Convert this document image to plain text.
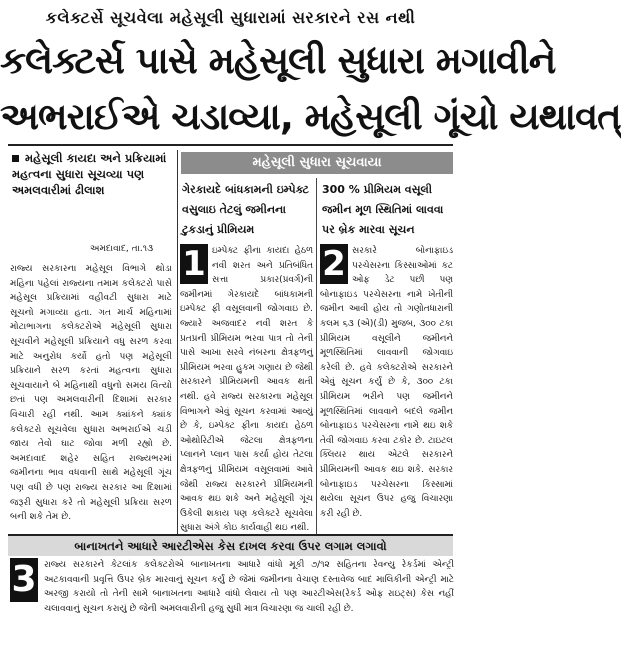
કલેક્ટર્સે સૂચવેલા મહેસૂલી સુધારામાં સરકારને રસ નથી
કલેક્ટર્સ પાસે મહેસૂલી સુધારા મગાવીને
અભરાઈએ ચડાવ્યા, મહેસૂલી ગૂંચો યથાવત્
મહેસૂલી કાયદા અને પ્રક્રિયામાં મહત્વના સુધારા સૂચવ્યા પણ અમલવારીમાં ઢીલાશ
અમદાવાદ, તા.૧૩
રાજ્ય સરકારના મહેસૂલ વિભાગે થોડા મહિના પહેલાં રાજ્યના તમામ કલેક્ટરો પાસે મહેસૂલ પ્રક્રિયામાં વહીવટી સુધારા માટે સૂચનો મગાવ્યા હતા. ગત માર્ચ મહિનામાં મોટાભાગના કલેક્ટરોએ મહેસૂલી સુધારા સૂચવીને મહેસૂલી પ્રક્રિયાને વધુ સરળ કરવા માટે અનુરોધ કર્યો હતો પણ મહેસૂલી પ્રક્રિયાને સરળ કરતાં મહત્વના સુધારા સૂચવાયાને બે મહિનાથી વધુનો સમય વિત્યો છતાં પણ અમલવારીની દિશામાં સરકાર વિચારી રહી નથી. આમ ક્યાંકને ક્યાંક કલેક્ટરો સૂચવેલા સુધારા અભરાઈએ ચડી જાય તેવો ઘાટ જોવા મળી રહ્યો છે. અમદાવાદ શહેર સહિત રાજ્યભરમાં જમીનના ભાવ વધવાની સાથે મહેસૂલી ગૂંચ પણ વધી છે પણ રાજ્ય સરકાર આ દિશામાં જરૂરી સુધારા કરે તો મહેસૂલી પ્રક્રિયા સરળ બની શકે તેમ છે.
મહેસૂલી સુધારા સૂચવાયા
ગેરકાયદે બાંધકામની ઇમ્પેક્ટ વસુલાઇ તેટલું જમીનના ટુકડાનું પ્રીમિયમ
300 % પ્રીમિયમ વસૂલી જમીન મૂળ સ્થિતિમાં લાવવા પર બ્રેક મારવા સૂચન
ઇમ્પેક્ટ ફીના કાયદા હેઠળ નવી શરત અને પ્રતિબંધિત સત્તા પ્રકાર(પ્રવર્ગ)ની જમીનમાં ગેરકાયદે બાંધકામની ઇમ્પેક્ટ ફી વસૂલવાની જોગવાઇ છે. જ્યારે અજવાદર નવી શરત કે પ્રતપ્રની પ્રીમિયમ ભરવા પાત્ર તો તેની પાસે આખા સરવે નંબરના ક્ષેત્રફળનું પ્રીમિયમ ભરવા હુકમ ગણાય છે જેથી સરકારને પ્રીમિયમની આવક થતી નથી. હવે રાજ્ય સરકારના મહેસૂલ વિભાગને એવું સૂચન કરવામાં આવ્યું છે કે, ઇમ્પેક્ટ ફીના કાયદા હેઠળ ઓથોરિટીએ જેટલા ક્ષેત્રફળના પ્લાનને પ્લાન પાસ કર્યા હોય તેટલા ક્ષેત્રફળનું પ્રીમિયમ વસૂલવામાં આવે જેથી રાજ્ય સરકારને પ્રીમિયમની આવક થઇ શકે અને મહેસૂલી ગૂંચ ઉકેલી શકાય પણ કલેક્ટરે સૂચવેલા સુધારા અંગે કોઇ કાર્યવાહી થઇ નથી.
1	સરકારે બોનાફાઇડ પરચેસરના કિસ્સાઓમાં કટ ઓફ ડેટ પછી પણ બોનાફાઇડ પરચેસરના નામે ખેતીની જમીન આવી હોય તો ગણોતધારાની કલમ ૬૩ (એ)(ડી) મુજબ, ૩૦૦ ટકા પ્રીમિયમ વસૂલીને જમીનને મૂળસ્થિતિમાં લાવવાની જોગવાઇ કરેલી છે. હવે કલેક્ટરોએ સરકારને એવું સૂચન કર્યું છે કે, ૩૦૦ ટકા પ્રીમિયમ ભરીને પણ જમીનને મૂળસ્થિતિમાં લાવવાને બદલે જમીન બોનાફાઇડ પરચેસરના નામે થઇ શકે તેવી જોગવાઇ કરવા ટકોર છે. ટાઇટલ ક્લિયર થાય એટલે સરકારને પ્રીમિયમની આવક થઇ શકે. સરકાર બોનાફાઇડ પરચેસરના કિસ્સામાં થયેલા સૂચન ઉપર હજુ વિચારણા કરી રહી છે.
2
બાનાખતને આધારે આરટીએસ કેસ દાખલ કરવા ઉપર લગામ લગાવો
3 રાજ્ય સરકારને કેટલાંક કલેક્ટરોએ બાનાખતના આધારે વાંધો મૂકી ૭/૧૨ સહિતના રેવન્યુ રેકર્ડમાં એન્ટ્રી અટકાવવાની પ્રવૃત્તિ ઉપર બ્રેક મારવાનું સૂચન કર્યું છે જેમાં જમીનના વેચાણ દસ્તાવેજ બાદ માલિકીની એન્ટ્રી માટે અરજી કરાયો તો તેની સામે બાનાખતના આધારે વાંધો લેવાય તો પણ આરટીએસ(રેકર્ડ ઓફ રાઇટ્સ) કેસ નહીં ચલાવવાનું સૂચન કરાયું છે જેની અમલવારીની હજુ સુધી માત્ર વિચારણા જ ચાલી રહી છે.
